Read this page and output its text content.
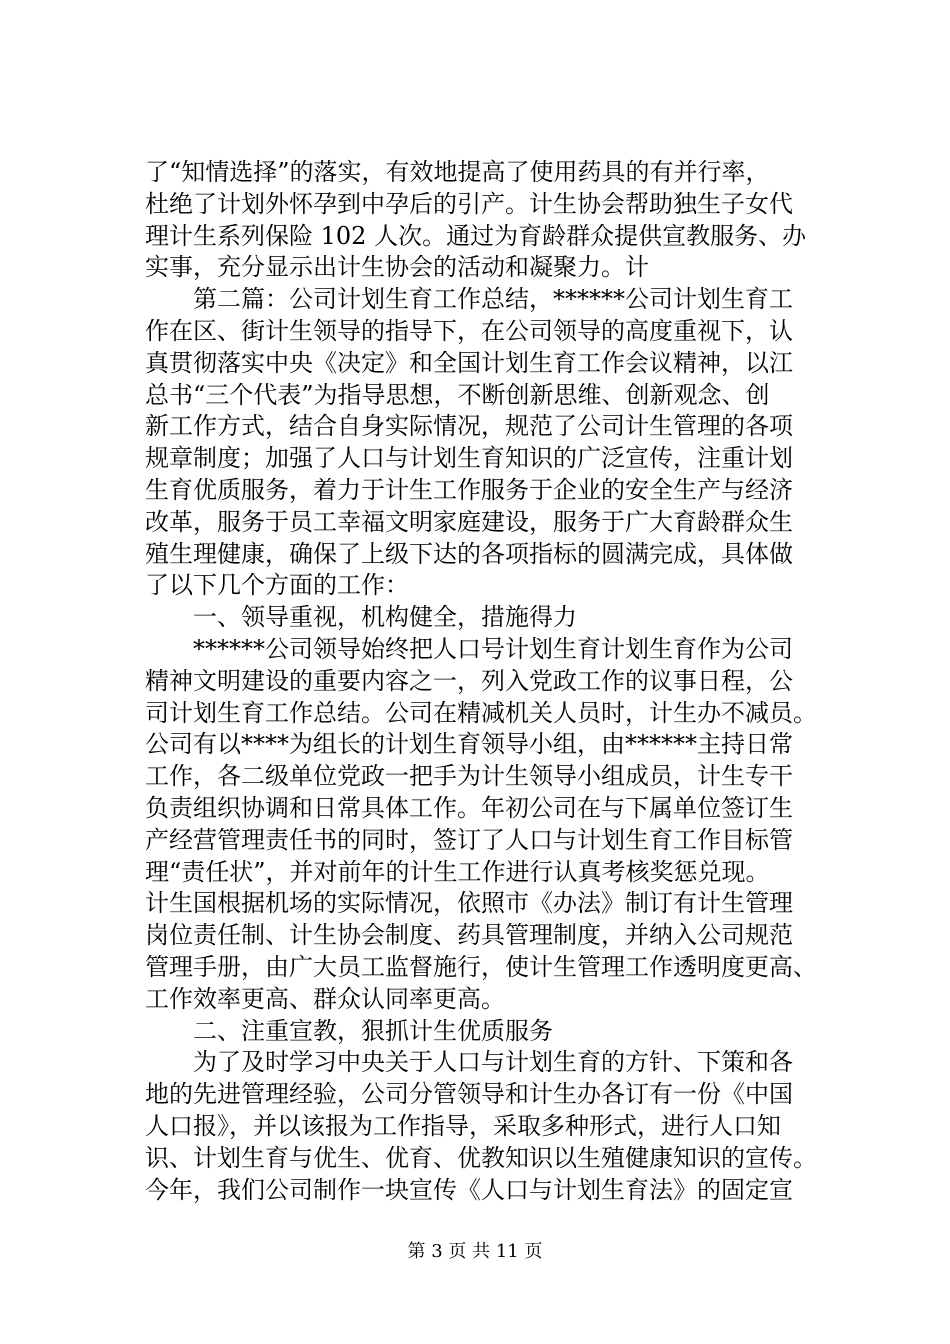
了“知情选择”的落实，有效地提高了使用药具的有并行率，
杜绝了计划外怀孕到中孕后的引产。计生协会帮助独生子女代
理计生系列保险 102 人次。通过为育龄群众提供宣教服务、办
实事，充分显示出计生协会的活动和凝聚力。计
　　第二篇：公司计划生育工作总结，******公司计划生育工
作在区、街计生领导的指导下，在公司领导的高度重视下，认
真贯彻落实中央《决定》和全国计划生育工作会议精神，以江
总书“三个代表”为指导思想，不断创新思维、创新观念、创
新工作方式，结合自身实际情况，规范了公司计生管理的各项
规章制度；加强了人口与计划生育知识的广泛宣传，注重计划
生育优质服务，着力于计生工作服务于企业的安全生产与经济
改革，服务于员工幸福文明家庭建设，服务于广大育龄群众生
殖生理健康，确保了上级下达的各项指标的圆满完成，具体做
了以下几个方面的工作：
　　一、领导重视，机构健全，措施得力
　　******公司领导始终把人口号计划生育计划生育作为公司
精神文明建设的重要内容之一，列入党政工作的议事日程，公
司计划生育工作总结。公司在精减机关人员时，计生办不减员。
公司有以****为组长的计划生育领导小组，由******主持日常
工作，各二级单位党政一把手为计生领导小组成员，计生专干
负责组织协调和日常具体工作。年初公司在与下属单位签订生
产经营管理责任书的同时，签订了人口与计划生育工作目标管
理“责任状”，并对前年的计生工作进行认真考核奖惩兑现。
计生国根据机场的实际情况，依照市《办法》制订有计生管理
岗位责任制、计生协会制度、药具管理制度，并纳入公司规范
管理手册，由广大员工监督施行，使计生管理工作透明度更高、
工作效率更高、群众认同率更高。
　　二、注重宣教，狠抓计生优质服务
　　为了及时学习中央关于人口与计划生育的方针、下策和各
地的先进管理经验，公司分管领导和计生办各订有一份《中国
人口报》，并以该报为工作指导，采取多种形式，进行人口知
识、计划生育与优生、优育、优教知识以生殖健康知识的宣传。
今年，我们公司制作一块宣传《人口与计划生育法》的固定宣
第 3 页 共 11 页
